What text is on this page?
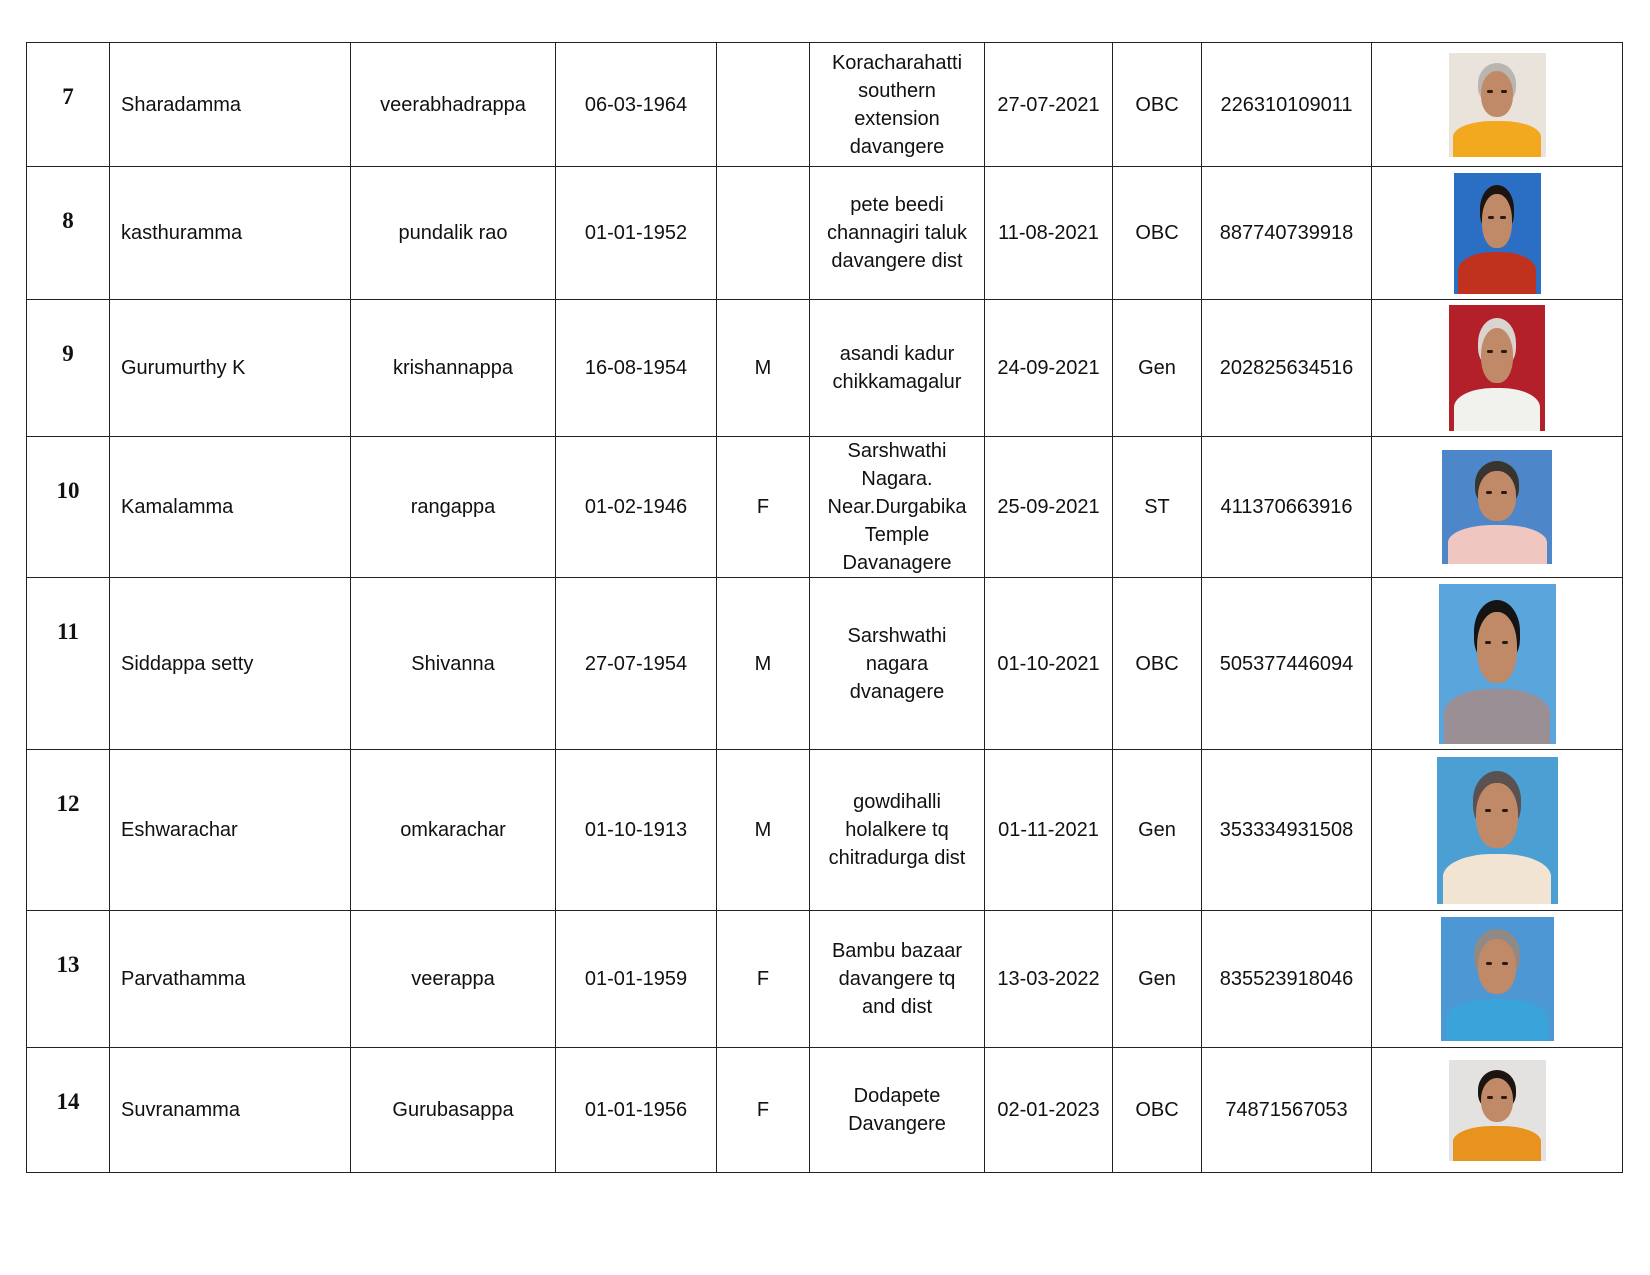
7	Sharadamma	veerabhadrappa	06-03-1964		Koracharahatti
southern
extension
davangere	27-07-2021	OBC	226310109011	

8	kasthuramma	pundalik rao	01-01-1952		pete beedi
channagiri taluk
davangere dist	11-08-2021	OBC	887740739918	

9	Gurumurthy K	krishannappa	16-08-1954	M	asandi kadur
chikkamagalur	24-09-2021	Gen	202825634516	

10	Kamalamma	rangappa	01-02-1946	F	Sarshwathi
Nagara.
Near.Durgabika
Temple
Davanagere	25-09-2021	ST	411370663916	

11	Siddappa setty	Shivanna	27-07-1954	M	Sarshwathi
nagara
dvanagere	01-10-2021	OBC	505377446094	

12	Eshwarachar	omkarachar	01-10-1913	M	gowdihalli
holalkere tq
chitradurga dist	01-11-2021	Gen	353334931508	

13	Parvathamma	veerappa	01-01-1959	F	Bambu bazaar
davangere tq
and dist	13-03-2022	Gen	835523918046	

14	Suvranamma	Gurubasappa	01-01-1956	F	Dodapete
Davangere	02-01-2023	OBC	74871567053	
